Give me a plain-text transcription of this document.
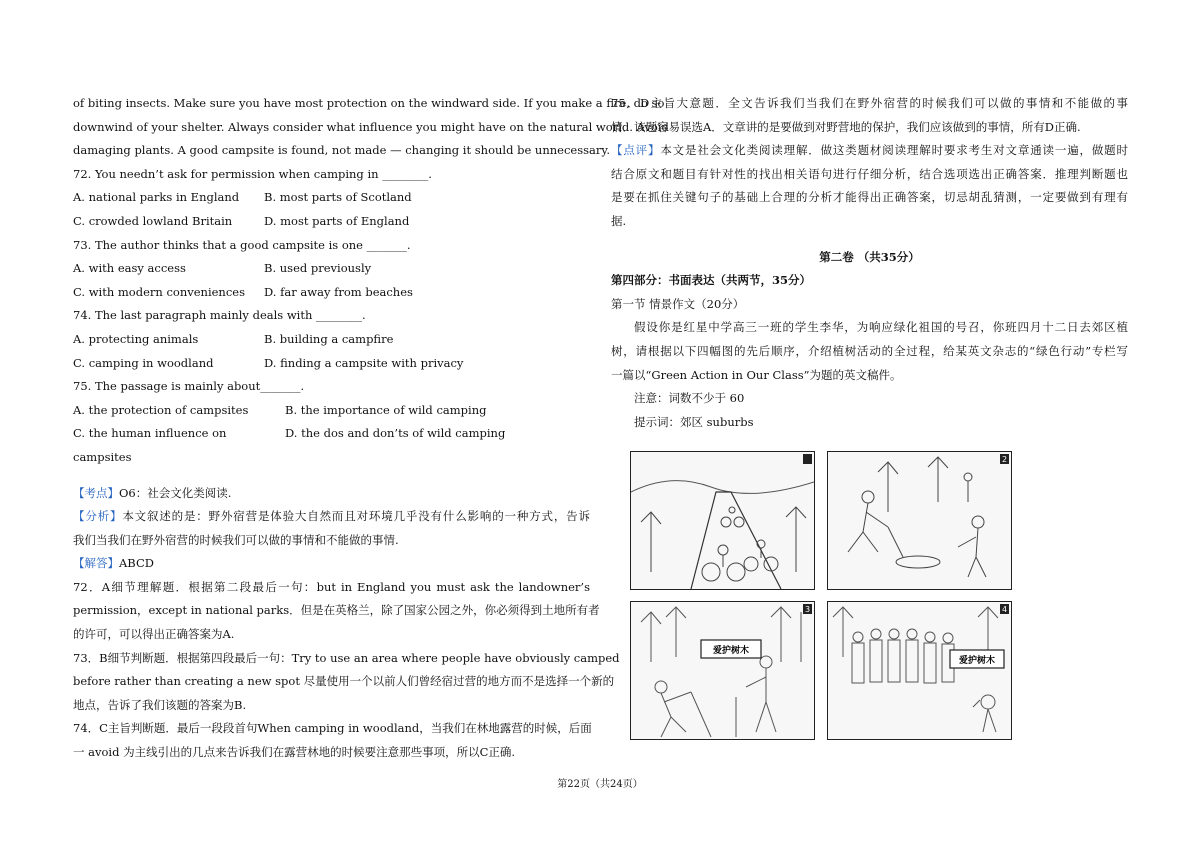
of biting insects. Make sure you have most protection on the windward side. If you make a fire, do so
downwind of your shelter. Always consider what influence you might have on the natural world. Avoid
damaging plants. A good campsite is found, not made — changing it should be unnecessary.
72. You needn’t ask for permission when camping in ________.
A. national parks in England	B. most parts of Scotland
C. crowded lowland Britain	D. most parts of England
73. The author thinks that a good campsite is one _______.
A. with easy access	B. used previously
C. with modern conveniences	D. far away from beaches
74. The last paragraph mainly deals with ________.
A. protecting animals	B. building a campfire
C. camping in woodland	D. finding a campsite with privacy
75. The passage is mainly about_______.
A. the protection of campsites	B. the importance of wild camping
C. the human influence on campsites
D. the dos and don’ts of wild camping
【考点】O6：社会文化类阅读.
【分析】本文叙述的是：野外宿营是体验大自然而且对环境几乎没有什么影响的一种方式，告诉
我们当我们在野外宿营的时候我们可以做的事情和不能做的事情.
【解答】ABCD
72．A细节理解题．根据第二段最后一句：but in England you must ask the landowner’s
permission，except in national parks．但是在英格兰，除了国家公园之外，你必须得到土地所有者
的许可，可以得出正确答案为A.
73．B细节判断题．根据第四段最后一句：Try to use an area where people have obviously camped
before rather than creating a new spot 尽量使用一个以前人们曾经宿过营的地方而不是选择一个新的
地点，告诉了我们该题的答案为B.
74．C主旨判断题．最后一段段首句When camping in woodland，当我们在林地露营的时候，后面
一 avoid 为主线引出的几点来告诉我们在露营林地的时候要注意那些事项，所以C正确.
75．D主旨大意题．全文告诉我们当我们在野外宿营的时候我们可以做的事情和不能做的事
情．该题容易误选A．文章讲的是要做到对野营地的保护，我们应该做到的事情，所有D正确.
【点评】本文是社会文化类阅读理解．做这类题材阅读理解时要求考生对文章通读一遍，做题时
结合原文和题目有针对性的找出相关语句进行仔细分析，结合选项选出正确答案．推理判断题也
是要在抓住关键句子的基础上合理的分析才能得出正确答案，切忌胡乱猜测，一定要做到有理有
据.
第二卷 （共35分）
第四部分：书面表达（共两节，35分）
第一节 情景作文（20分）
假设你是红星中学高三一班的学生李华，为响应绿化祖国的号召，你班四月十二日去郊区植
树，请根据以下四幅图的先后顺序，介绍植树活动的全过程，给某英文杂志的“绿色行动”专栏写
一篇以“Green Action in Our Class”为题的英文稿件。
注意：词数不少于 60
提示词：郊区 suburbs
2
爱护树木
3
爱护树木
4
第22页（共24页）
